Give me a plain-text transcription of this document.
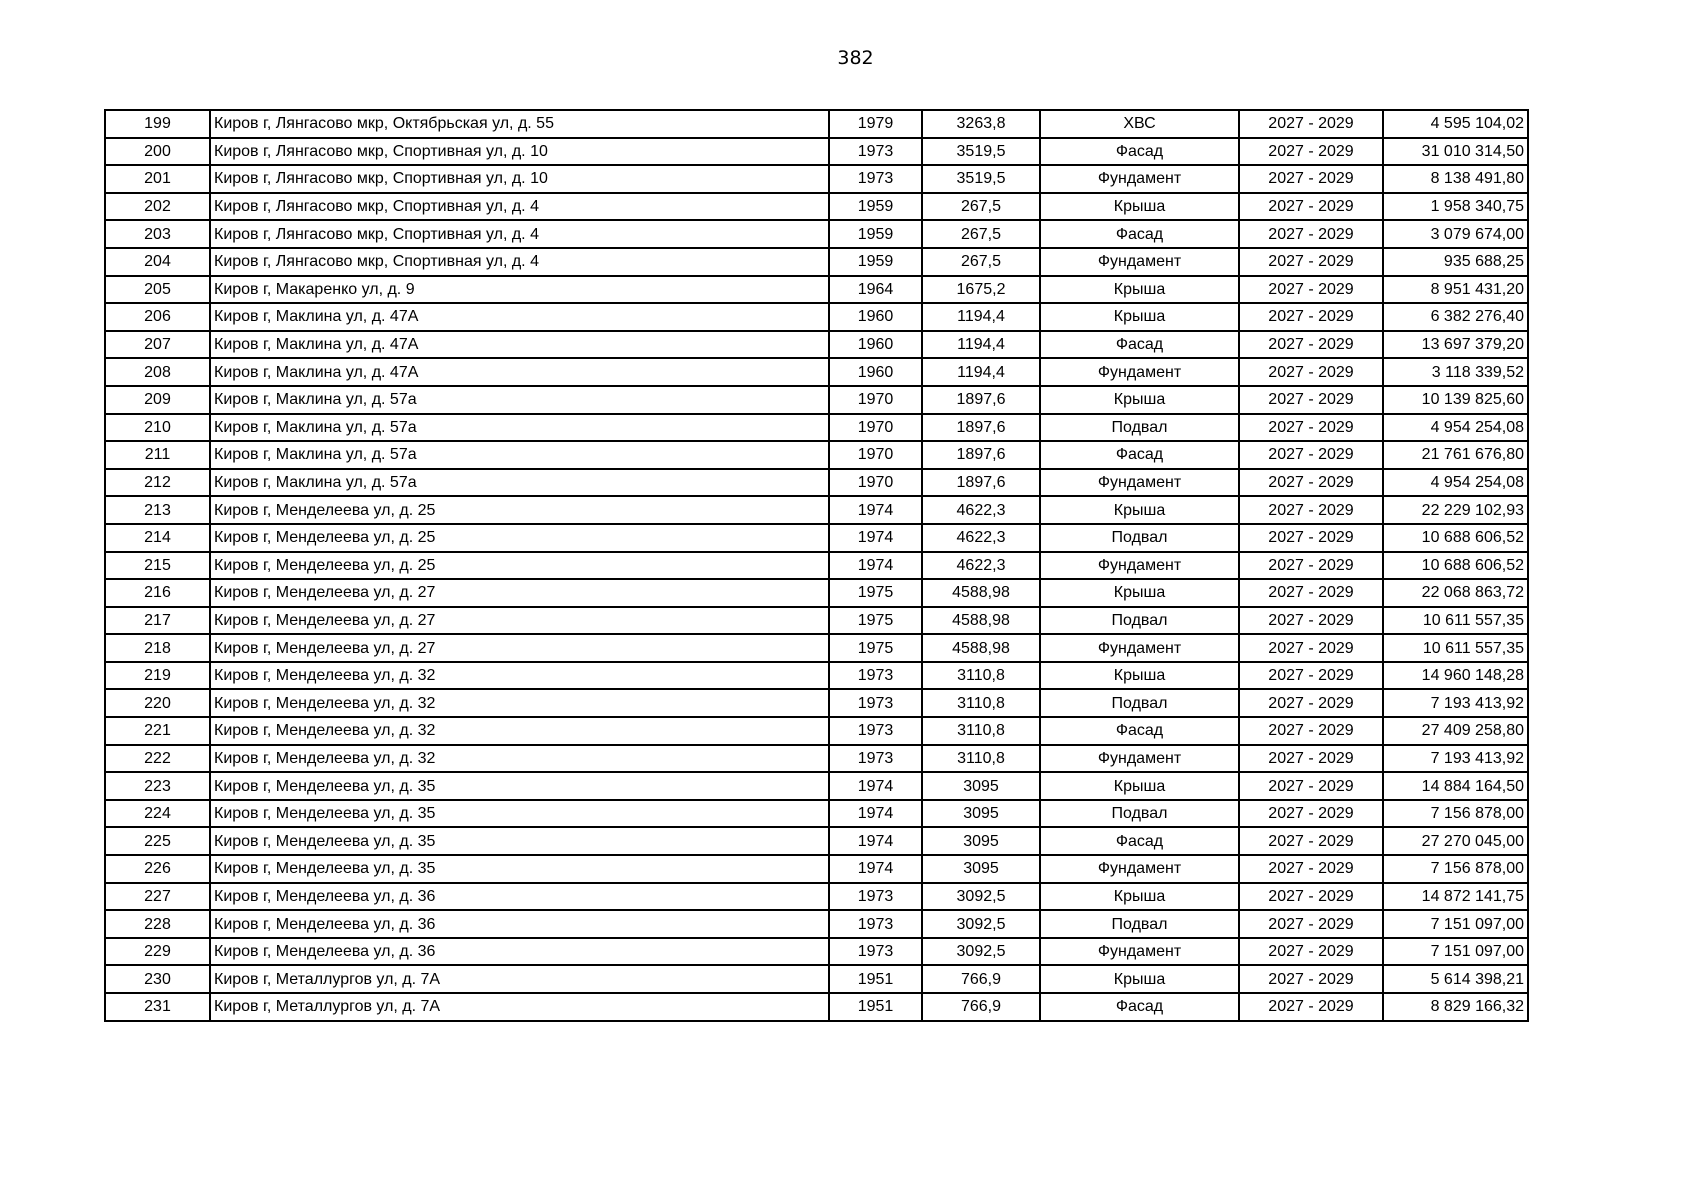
382
199	Киров г, Лянгасово мкр, Октябрьская ул, д. 55	1979	3263,8	ХВС	2027 - 2029	4 595 104,02
200	Киров г, Лянгасово мкр, Спортивная ул, д. 10	1973	3519,5	Фасад	2027 - 2029	31 010 314,50
201	Киров г, Лянгасово мкр, Спортивная ул, д. 10	1973	3519,5	Фундамент	2027 - 2029	8 138 491,80
202	Киров г, Лянгасово мкр, Спортивная ул, д. 4	1959	267,5	Крыша	2027 - 2029	1 958 340,75
203	Киров г, Лянгасово мкр, Спортивная ул, д. 4	1959	267,5	Фасад	2027 - 2029	3 079 674,00
204	Киров г, Лянгасово мкр, Спортивная ул, д. 4	1959	267,5	Фундамент	2027 - 2029	935 688,25
205	Киров г, Макаренко ул, д. 9	1964	1675,2	Крыша	2027 - 2029	8 951 431,20
206	Киров г, Маклина ул, д. 47А	1960	1194,4	Крыша	2027 - 2029	6 382 276,40
207	Киров г, Маклина ул, д. 47А	1960	1194,4	Фасад	2027 - 2029	13 697 379,20
208	Киров г, Маклина ул, д. 47А	1960	1194,4	Фундамент	2027 - 2029	3 118 339,52
209	Киров г, Маклина ул, д. 57а	1970	1897,6	Крыша	2027 - 2029	10 139 825,60
210	Киров г, Маклина ул, д. 57а	1970	1897,6	Подвал	2027 - 2029	4 954 254,08
211	Киров г, Маклина ул, д. 57а	1970	1897,6	Фасад	2027 - 2029	21 761 676,80
212	Киров г, Маклина ул, д. 57а	1970	1897,6	Фундамент	2027 - 2029	4 954 254,08
213	Киров г, Менделеева ул, д. 25	1974	4622,3	Крыша	2027 - 2029	22 229 102,93
214	Киров г, Менделеева ул, д. 25	1974	4622,3	Подвал	2027 - 2029	10 688 606,52
215	Киров г, Менделеева ул, д. 25	1974	4622,3	Фундамент	2027 - 2029	10 688 606,52
216	Киров г, Менделеева ул, д. 27	1975	4588,98	Крыша	2027 - 2029	22 068 863,72
217	Киров г, Менделеева ул, д. 27	1975	4588,98	Подвал	2027 - 2029	10 611 557,35
218	Киров г, Менделеева ул, д. 27	1975	4588,98	Фундамент	2027 - 2029	10 611 557,35
219	Киров г, Менделеева ул, д. 32	1973	3110,8	Крыша	2027 - 2029	14 960 148,28
220	Киров г, Менделеева ул, д. 32	1973	3110,8	Подвал	2027 - 2029	7 193 413,92
221	Киров г, Менделеева ул, д. 32	1973	3110,8	Фасад	2027 - 2029	27 409 258,80
222	Киров г, Менделеева ул, д. 32	1973	3110,8	Фундамент	2027 - 2029	7 193 413,92
223	Киров г, Менделеева ул, д. 35	1974	3095	Крыша	2027 - 2029	14 884 164,50
224	Киров г, Менделеева ул, д. 35	1974	3095	Подвал	2027 - 2029	7 156 878,00
225	Киров г, Менделеева ул, д. 35	1974	3095	Фасад	2027 - 2029	27 270 045,00
226	Киров г, Менделеева ул, д. 35	1974	3095	Фундамент	2027 - 2029	7 156 878,00
227	Киров г, Менделеева ул, д. 36	1973	3092,5	Крыша	2027 - 2029	14 872 141,75
228	Киров г, Менделеева ул, д. 36	1973	3092,5	Подвал	2027 - 2029	7 151 097,00
229	Киров г, Менделеева ул, д. 36	1973	3092,5	Фундамент	2027 - 2029	7 151 097,00
230	Киров г, Металлургов ул, д. 7А	1951	766,9	Крыша	2027 - 2029	5 614 398,21
231	Киров г, Металлургов ул, д. 7А	1951	766,9	Фасад	2027 - 2029	8 829 166,32
